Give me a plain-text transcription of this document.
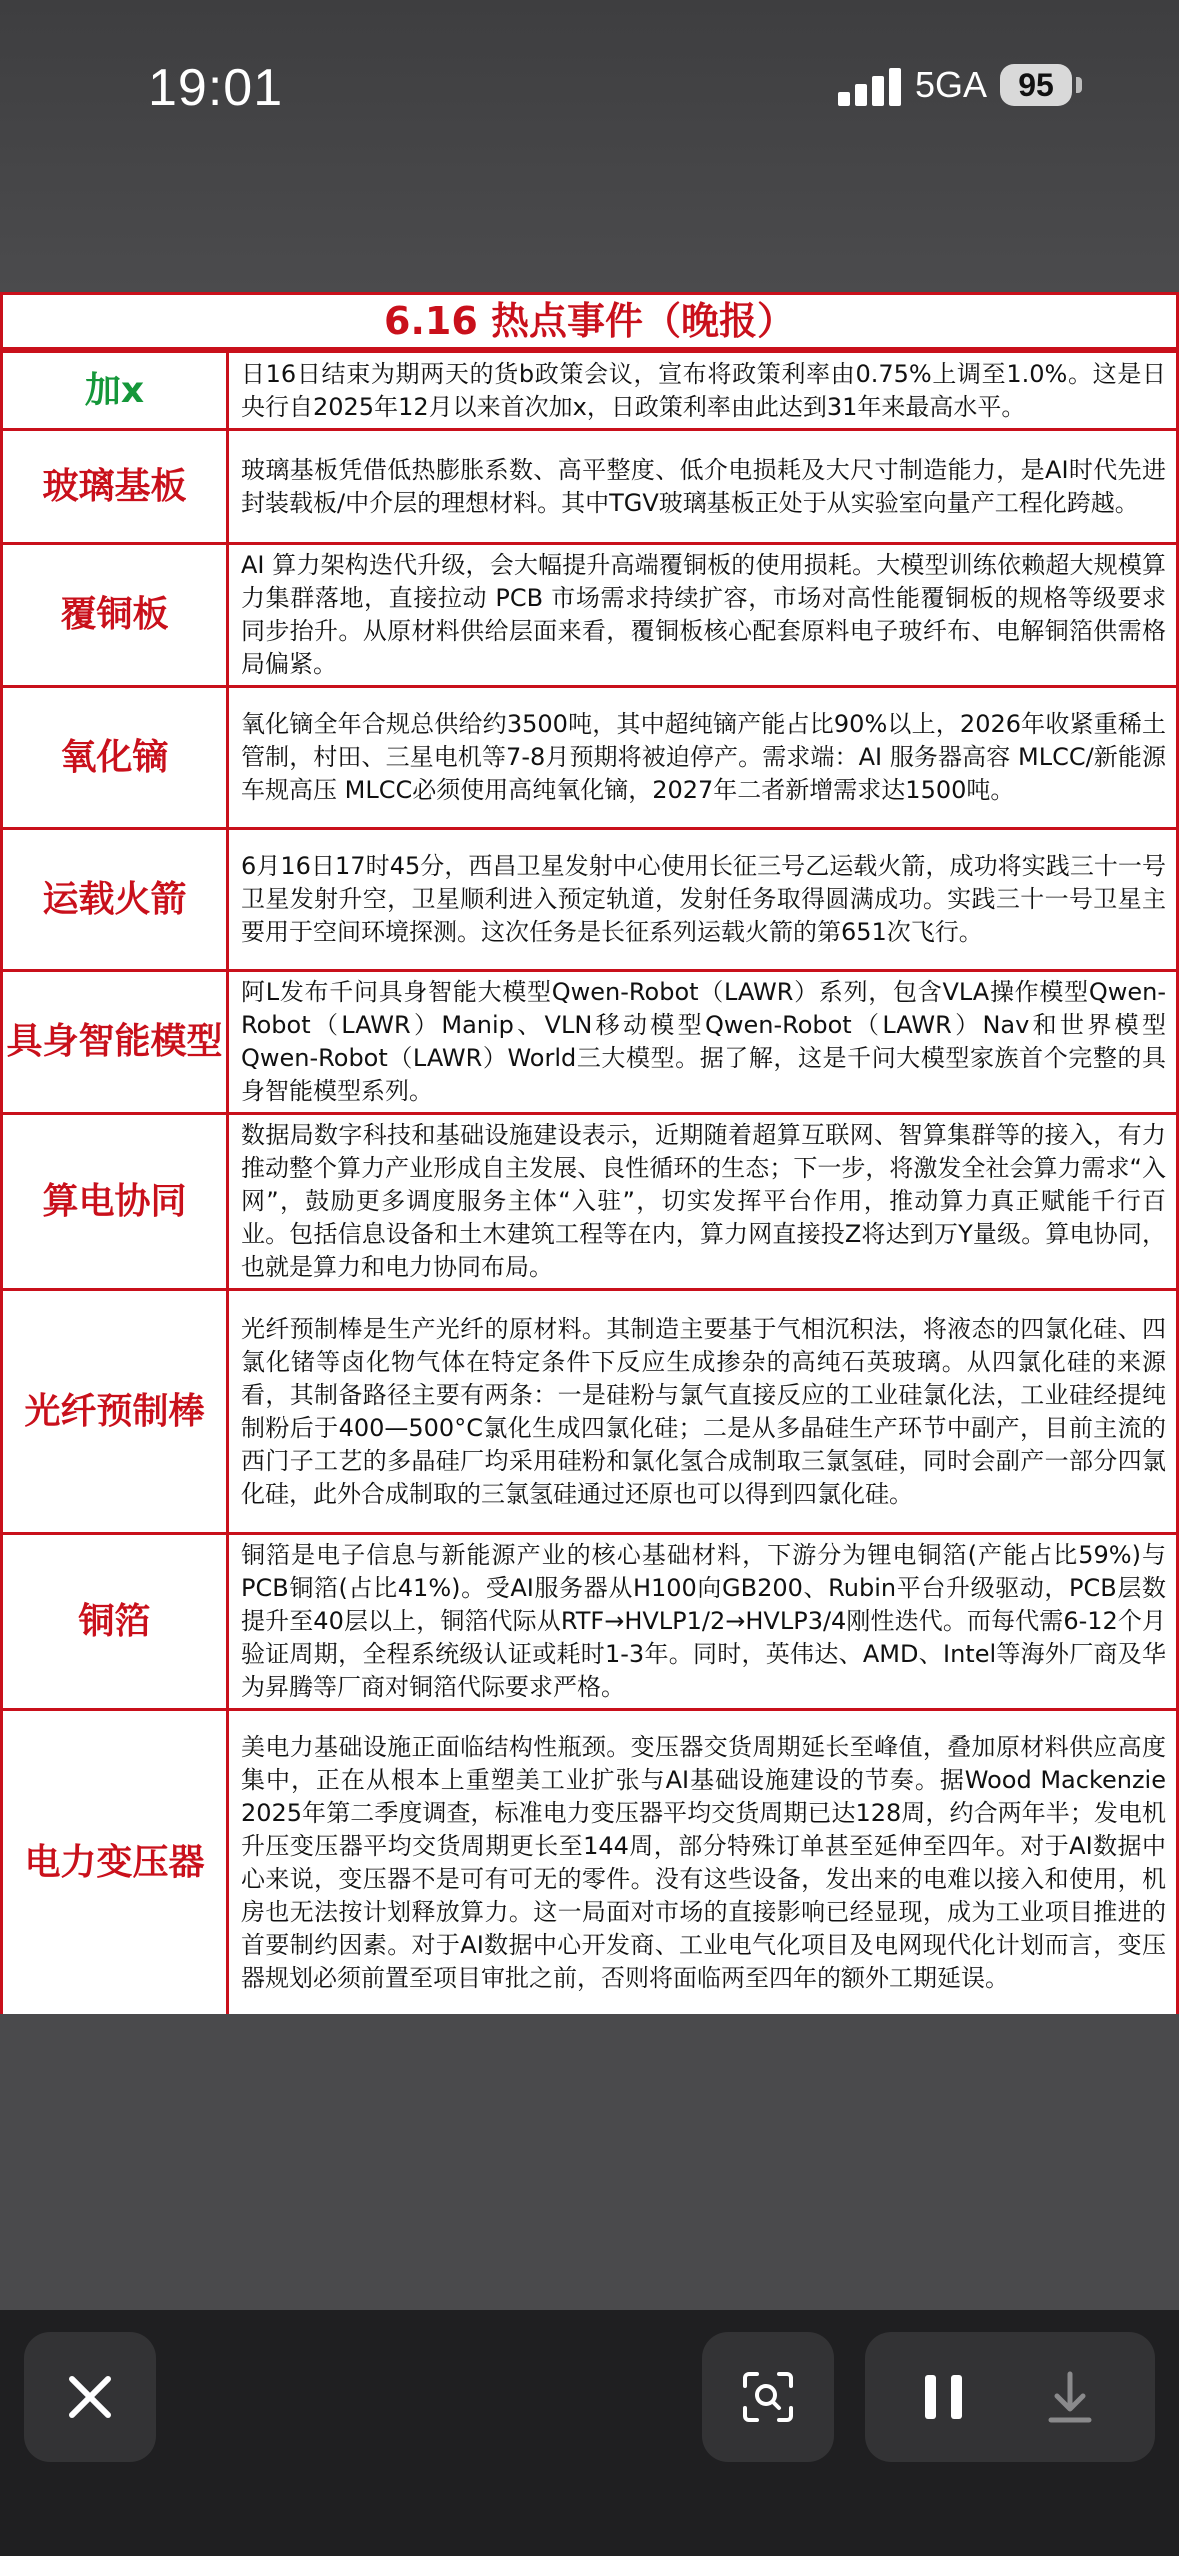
19:01	5GA 95
6.16 热点事件（晚报）
加x	日16日结束为期两天的货b政策会议，宣布将政策利率由0.75%上调至1.0%。这是日央行自2025年12月以来首次加x，日政策利率由此达到31年来最高水平。
玻璃基板	玻璃基板凭借低热膨胀系数、高平整度、低介电损耗及大尺寸制造能力，是AI时代先进封装载板/中介层的理想材料。其中TGV玻璃基板正处于从实验室向量产工程化跨越。
覆铜板	AI 算力架构迭代升级，会大幅提升高端覆铜板的使用损耗。大模型训练依赖超大规模算力集群落地，直接拉动 PCB 市场需求持续扩容，市场对高性能覆铜板的规格等级要求同步抬升。从原材料供给层面来看，覆铜板核心配套原料电子玻纤布、电解铜箔供需格局偏紧。
氧化镝	氧化镝全年合规总供给约3500吨，其中超纯镝产能占比90%以上，2026年收紧重稀土管制，村田、三星电机等7-8月预期将被迫停产。需求端：AI 服务器高容 MLCC/新能源车规高压 MLCC必须使用高纯氧化镝，2027年二者新增需求达1500吨。
运载火箭	6月16日17时45分，西昌卫星发射中心使用长征三号乙运载火箭，成功将实践三十一号卫星发射升空，卫星顺利进入预定轨道，发射任务取得圆满成功。实践三十一号卫星主要用于空间环境探测。这次任务是长征系列运载火箭的第651次飞行。
具身智能模型	阿L发布千问具身智能大模型Qwen-Robot（LAWR）系列，包含VLA操作模型Qwen-Robot（LAWR）Manip、VLN移动模型Qwen-Robot（LAWR）Nav和世界模型Qwen-Robot（LAWR）World三大模型。据了解，这是千问大模型家族首个完整的具身智能模型系列。
算电协同	数据局数字科技和基础设施建设表示，近期随着超算互联网、智算集群等的接入，有力推动整个算力产业形成自主发展、良性循环的生态；下一步，将激发全社会算力需求“入网”，鼓励更多调度服务主体“入驻”，切实发挥平台作用，推动算力真正赋能千行百业。包括信息设备和土木建筑工程等在内，算力网直接投Z将达到万Y量级。算电协同，也就是算力和电力协同布局。
光纤预制棒	光纤预制棒是生产光纤的原材料。其制造主要基于气相沉积法，将液态的四氯化硅、四氯化锗等卤化物气体在特定条件下反应生成掺杂的高纯石英玻璃。从四氯化硅的来源看，其制备路径主要有两条：一是硅粉与氯气直接反应的工业硅氯化法，工业硅经提纯制粉后于400—500°C氯化生成四氯化硅；二是从多晶硅生产环节中副产，目前主流的西门子工艺的多晶硅厂均采用硅粉和氯化氢合成制取三氯氢硅，同时会副产一部分四氯化硅，此外合成制取的三氯氢硅通过还原也可以得到四氯化硅。
铜箔	铜箔是电子信息与新能源产业的核心基础材料，下游分为锂电铜箔(产能占比59%)与PCB铜箔(占比41%)。受AI服务器从H100向GB200、Rubin平台升级驱动，PCB层数提升至40层以上，铜箔代际从RTF→HVLP1/2→HVLP3/4刚性迭代。而每代需6-12个月验证周期，全程系统级认证或耗时1-3年。同时，英伟达、AMD、Intel等海外厂商及华为昇腾等厂商对铜箔代际要求严格。
电力变压器	美电力基础设施正面临结构性瓶颈。变压器交货周期延长至峰值，叠加原材料供应高度集中，正在从根本上重塑美工业扩张与AI基础设施建设的节奏。据Wood Mackenzie 2025年第二季度调查，标准电力变压器平均交货周期已达128周，约合两年半；发电机升压变压器平均交货周期更长至144周，部分特殊订单甚至延伸至四年。对于AI数据中心来说，变压器不是可有可无的零件。没有这些设备，发出来的电难以接入和使用，机房也无法按计划释放算力。这一局面对市场的直接影响已经显现，成为工业项目推进的首要制约因素。对于AI数据中心开发商、工业电气化项目及电网现代化计划而言，变压器规划必须前置至项目审批之前，否则将面临两至四年的额外工期延误。
